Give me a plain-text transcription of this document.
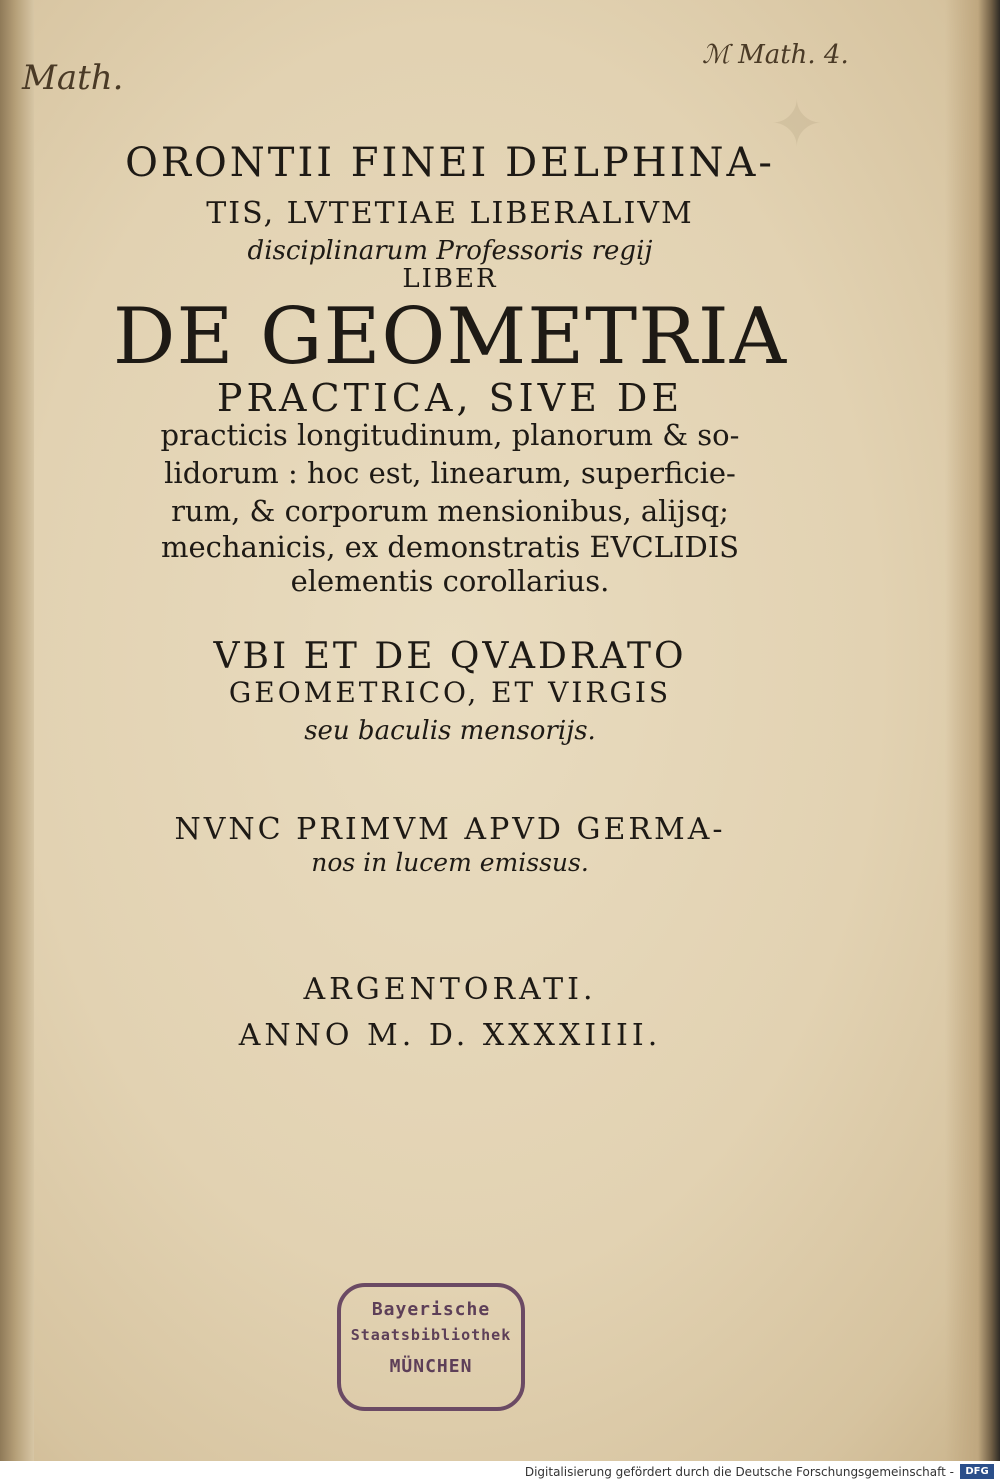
✦
Math.
ℳ Math. 4.
ORONTII FINEI DELPHINA-
TIS, LVTETIAE LIBERALIVM
disciplinarum Professoris regij
LIBER
DE GEOMETRIA
PRACTICA, SIVE DE
practicis longitudinum, planorum & so-
lidorum : hoc est, linearum, superficie-
rum, & corporum mensionibus, alijsq;
mechanicis, ex demonstratis EVCLIDIS
elementis corollarius.
VBI ET DE QVADRATO
GEOMETRICO, ET VIRGIS
seu baculis mensorijs.
NVNC PRIMVM APVD GERMA-
nos in lucem emissus.
ARGENTORATI.
ANNO M. D. XXXXIIII.
Bayerische
Staatsbibliothek
MÜNCHEN
Digitalisierung gefördert durch die Deutsche Forschungsgemeinschaft -	DFG
